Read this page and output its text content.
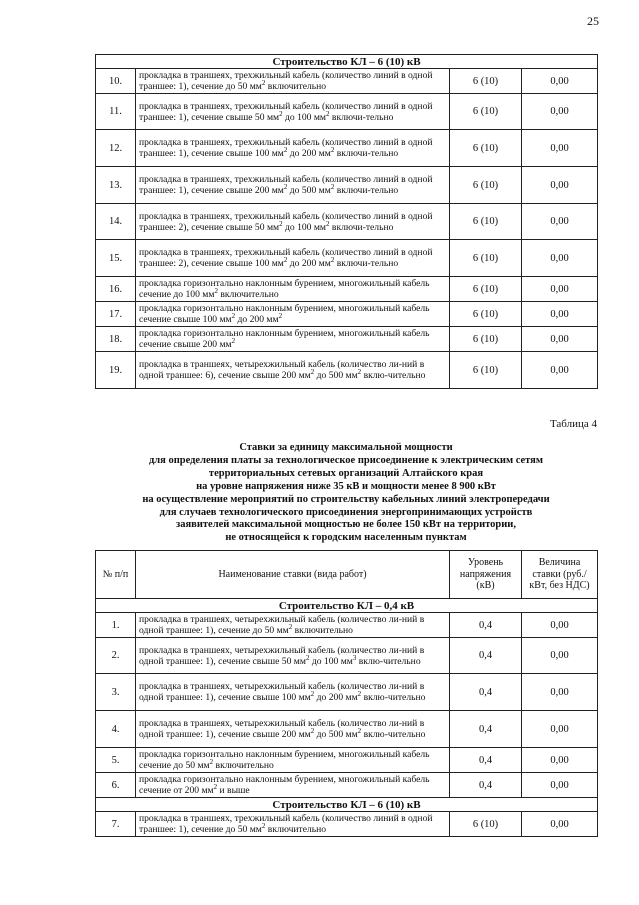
25
Строительство КЛ – 6 (10) кВ			
10.	прокладка в траншеях, трехжильный кабель (количество линий в одной траншее: 1), сечение до 50 $мм^2$ включительно	6 (10)	0,00
11.	прокладка в траншеях, трехжильный кабель (количество линий в одной траншее: 1), сечение свыше 50 $мм^2$ до 100 $мм^2$ включи-тельно	6 (10)	0,00
12.	прокладка в траншеях, трехжильный кабель (количество линий в одной траншее: 1), сечение свыше 100 $мм^2$ до 200 $мм^2$ включи-тельно	6 (10)	0,00
13.	прокладка в траншеях, трехжильный кабель (количество линий в одной траншее: 1), сечение свыше 200 $мм^2$ до 500 $мм^2$ включи-тельно	6 (10)	0,00
14.	прокладка в траншеях, трехжильный кабель (количество линий в одной траншее: 2), сечение свыше 50 $мм^2$ до 100 $мм^2$ включи-тельно	6 (10)	0,00
15.	прокладка в траншеях, трехжильный кабель (количество линий в одной траншее: 2), сечение свыше 100 $мм^2$ до 200 $мм^2$ включи-тельно	6 (10)	0,00
16.	прокладка горизонтально наклонным бурением, многожильный кабель сечение до 100 $мм^2$ включительно	6 (10)	0,00
17.	прокладка горизонтально наклонным бурением, многожильный кабель сечение свыше 100 $мм^2$ до 200 $мм^2$	6 (10)	0,00
18.	прокладка горизонтально наклонным бурением, многожильный кабель сечение свыше 200 $мм^2$	6 (10)	0,00
19.	прокладка в траншеях, четырехжильный кабель (количество ли-ний в одной траншее: 6), сечение свыше 200 $мм^2$ до 500 $мм^2$ вклю-чительно	6 (10)	0,00
Таблица 4
Ставки за единицу максимальной мощности
для определения платы за технологическое присоединение к электрическим сетям
территориальных сетевых организаций Алтайского края
на уровне напряжения ниже 35 кВ и мощности менее 8 900 кВт
на осуществление мероприятий по строительству кабельных линий электропередачи
для случаев технологического присоединения энергопринимающих устройств
заявителей максимальной мощностью не более 150 кВт на территории,
не относящейся к городским населенным пунктам
№ п/п	Наименование ставки (вида работ)	Уровень напряжения (кВ)	Величина ставки (руб./кВт, без НДС)
Строительство КЛ – 0,4 кВ			
1.	прокладка в траншеях, четырехжильный кабель (количество ли-ний в одной траншее: 1), сечение до 50 $мм^2$ включительно	0,4	0,00
2.	прокладка в траншеях, четырехжильный кабель (количество ли-ний в одной траншее: 1), сечение свыше 50 $мм^2$ до 100 $мм^3$ вклю-чительно	0,4	0,00
3.	прокладка в траншеях, четырехжильный кабель (количество ли-ний в одной траншее: 1), сечение свыше 100 $мм^2$ до 200 $мм^2$ вклю-чительно	0,4	0,00
4.	прокладка в траншеях, четырехжильный кабель (количество ли-ний в одной траншее: 1), сечение свыше 200 $мм^2$ до 500 $мм^2$ вклю-чительно	0,4	0,00
5.	прокладка горизонтально наклонным бурением, многожильный кабель сечение до 50 $мм^2$ включительно	0,4	0,00
6.	прокладка горизонтально наклонным бурением, многожильный кабель сечение от 200 $мм^2$ и выше	0,4	0,00
Строительство КЛ – 6 (10) кВ			
7.	прокладка в траншеях, трехжильный кабель (количество линий в одной траншее: 1), сечение до 50 $мм^2$ включительно	6 (10)	0,00
